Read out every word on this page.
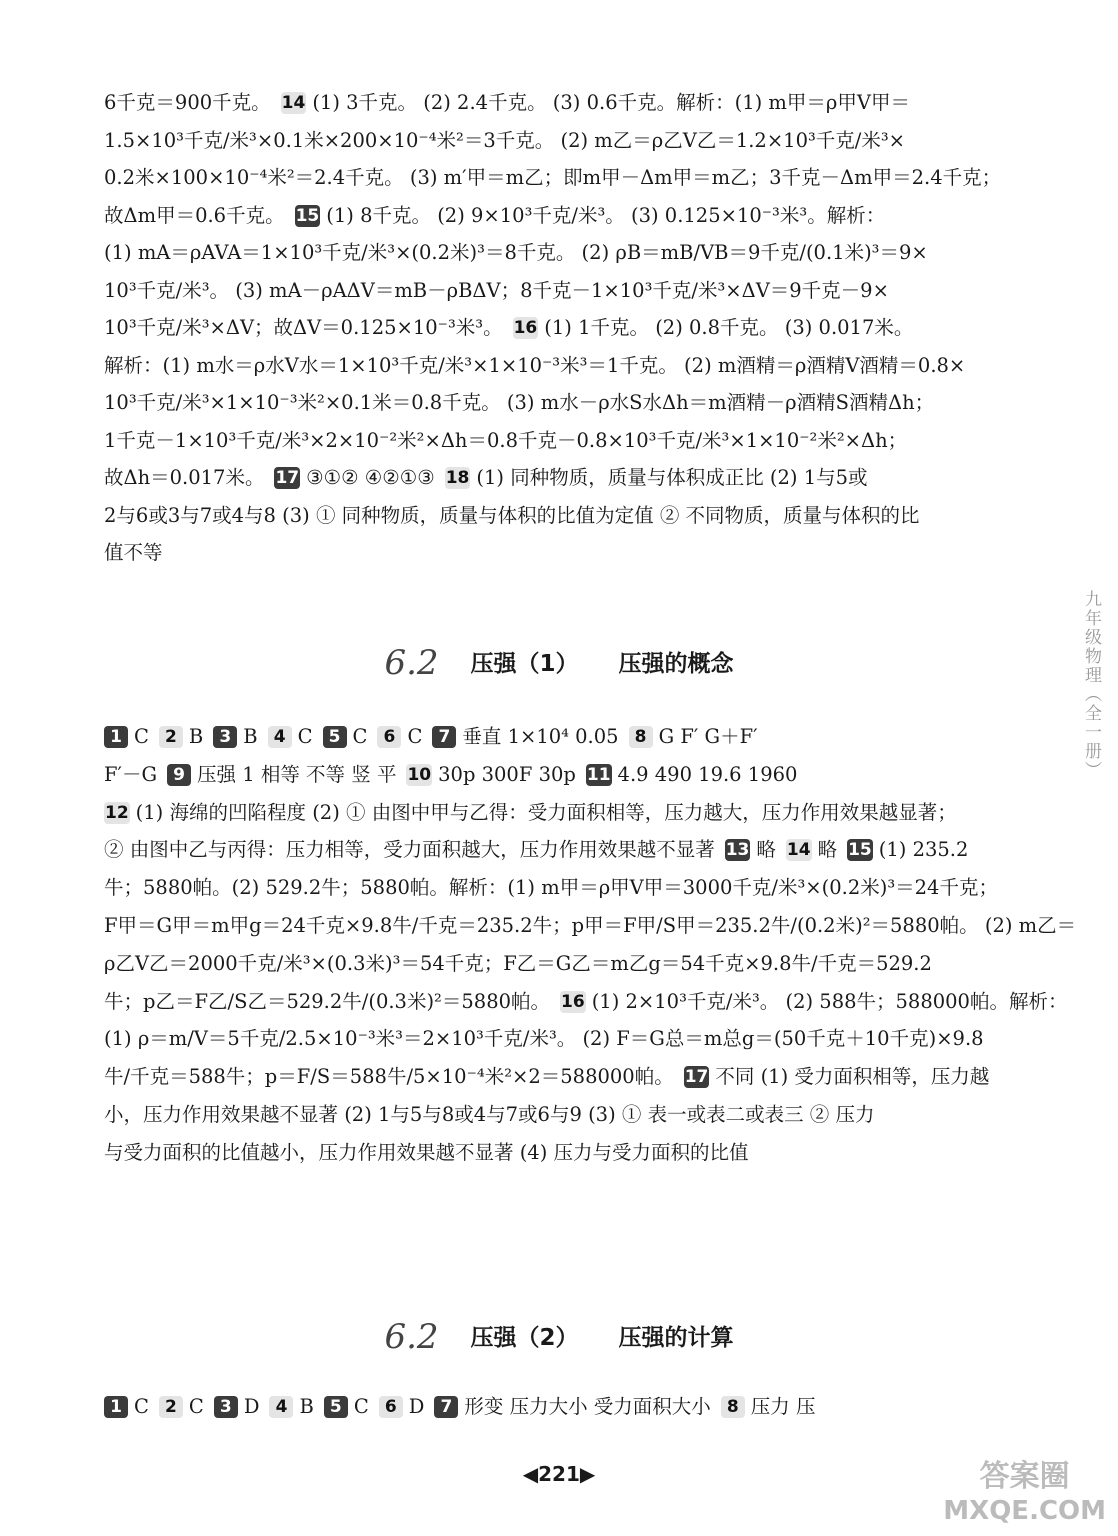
6千克＝900千克。 14 (1) 3千克。 (2) 2.4千克。 (3) 0.6千克。解析：(1) m甲＝ρ甲V甲＝
1.5×10³千克/米³×0.1米×200×10⁻⁴米²＝3千克。 (2) m乙＝ρ乙V乙＝1.2×10³千克/米³×
0.2米×100×10⁻⁴米²＝2.4千克。 (3) m′甲＝m乙；即m甲－Δm甲＝m乙；3千克－Δm甲＝2.4千克；
故Δm甲＝0.6千克。 15 (1) 8千克。 (2) 9×10³千克/米³。 (3) 0.125×10⁻³米³。解析：
(1) mA＝ρAVA＝1×10³千克/米³×(0.2米)³＝8千克。 (2) ρB＝mB/VB＝9千克/(0.1米)³＝9×
10³千克/米³。 (3) mA－ρAΔV＝mB－ρBΔV；8千克－1×10³千克/米³×ΔV＝9千克－9×
10³千克/米³×ΔV；故ΔV＝0.125×10⁻³米³。 16 (1) 1千克。 (2) 0.8千克。 (3) 0.017米。
解析：(1) m水＝ρ水V水＝1×10³千克/米³×1×10⁻³米³＝1千克。 (2) m酒精＝ρ酒精V酒精＝0.8×
10³千克/米³×1×10⁻³米²×0.1米＝0.8千克。 (3) m水－ρ水S水Δh＝m酒精－ρ酒精S酒精Δh；
1千克－1×10³千克/米³×2×10⁻²米²×Δh＝0.8千克－0.8×10³千克/米³×1×10⁻²米²×Δh；
故Δh＝0.017米。 17 ③①② ④②①③ 18 (1) 同种物质，质量与体积成正比 (2) 1与5或
2与6或3与7或4与8 (3) ① 同种物质，质量与体积的比值为定值 ② 不同物质，质量与体积的比
值不等
6.2 压强（1） 压强的概念
1 C 2 B 3 B 4 C 5 C 6 C 7 垂直 1×10⁴ 0.05 8 G F′ G＋F′
F′－G 9 压强 1 相等 不等 竖 平 10 30p 300F 30p 11 4.9 490 19.6 1960
12 (1) 海绵的凹陷程度 (2) ① 由图中甲与乙得：受力面积相等，压力越大，压力作用效果越显著；
② 由图中乙与丙得：压力相等，受力面积越大，压力作用效果越不显著 13 略 14 略 15 (1) 235.2
牛；5880帕。(2) 529.2牛；5880帕。解析：(1) m甲＝ρ甲V甲＝3000千克/米³×(0.2米)³＝24千克；
F甲＝G甲＝m甲g＝24千克×9.8牛/千克＝235.2牛；p甲＝F甲/S甲＝235.2牛/(0.2米)²＝5880帕。 (2) m乙＝
ρ乙V乙＝2000千克/米³×(0.3米)³＝54千克；F乙＝G乙＝m乙g＝54千克×9.8牛/千克＝529.2
牛；p乙＝F乙/S乙＝529.2牛/(0.3米)²＝5880帕。 16 (1) 2×10³千克/米³。 (2) 588牛；588000帕。解析：
(1) ρ＝m/V＝5千克/2.5×10⁻³米³＝2×10³千克/米³。 (2) F＝G总＝m总g＝(50千克＋10千克)×9.8
牛/千克＝588牛；p＝F/S＝588牛/5×10⁻⁴米²×2＝588000帕。 17 不同 (1) 受力面积相等，压力越
小，压力作用效果越不显著 (2) 1与5与8或4与7或6与9 (3) ① 表一或表二或表三 ② 压力
与受力面积的比值越小，压力作用效果越不显著 (4) 压力与受力面积的比值
6.2 压强（2） 压强的计算
1 C 2 C 3 D 4 B 5 C 6 D 7 形变 压力大小 受力面积大小 8 压力 压
◀221▶
九年级物理（全一册）
答案圈
MXQE.COM
